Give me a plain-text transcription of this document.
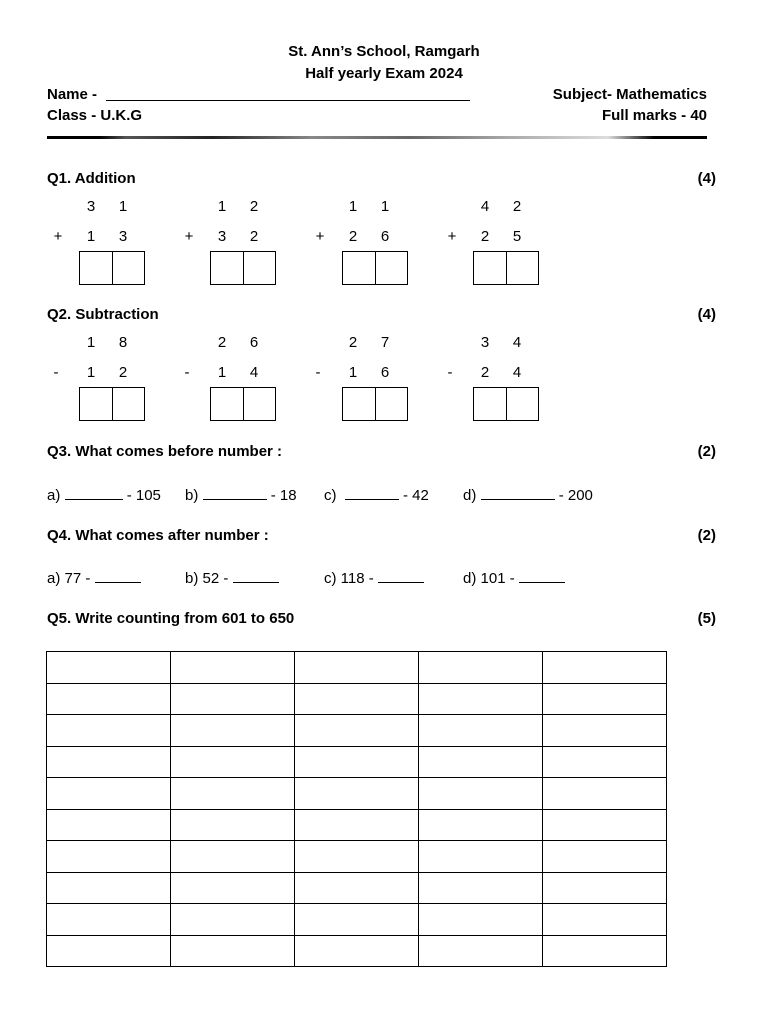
St. Ann’s School, Ramgarh
Half yearly Exam 2024
Name -	Subject- Mathematics
Class - U.K.G	Full marks - 40
Q1. Addition	(4)
3	1
+	1	3
1	2
+	3	2
1	1
+	2	6
4	2
+	2	5
Q2. Subtraction	(4)
1	8
-	1	2
2	6
-	1	4
2	7
-	1	6
3	4
-	2	4
Q3. What comes before number :	(2)
a)	- 105 b)	- 18 c)	- 42 d)	- 200
Q4. What comes after number :	(2)
a) 77 -	b) 52 -	c) 118 -	d) 101 -
Q5. Write counting from 601 to 650	(5)
